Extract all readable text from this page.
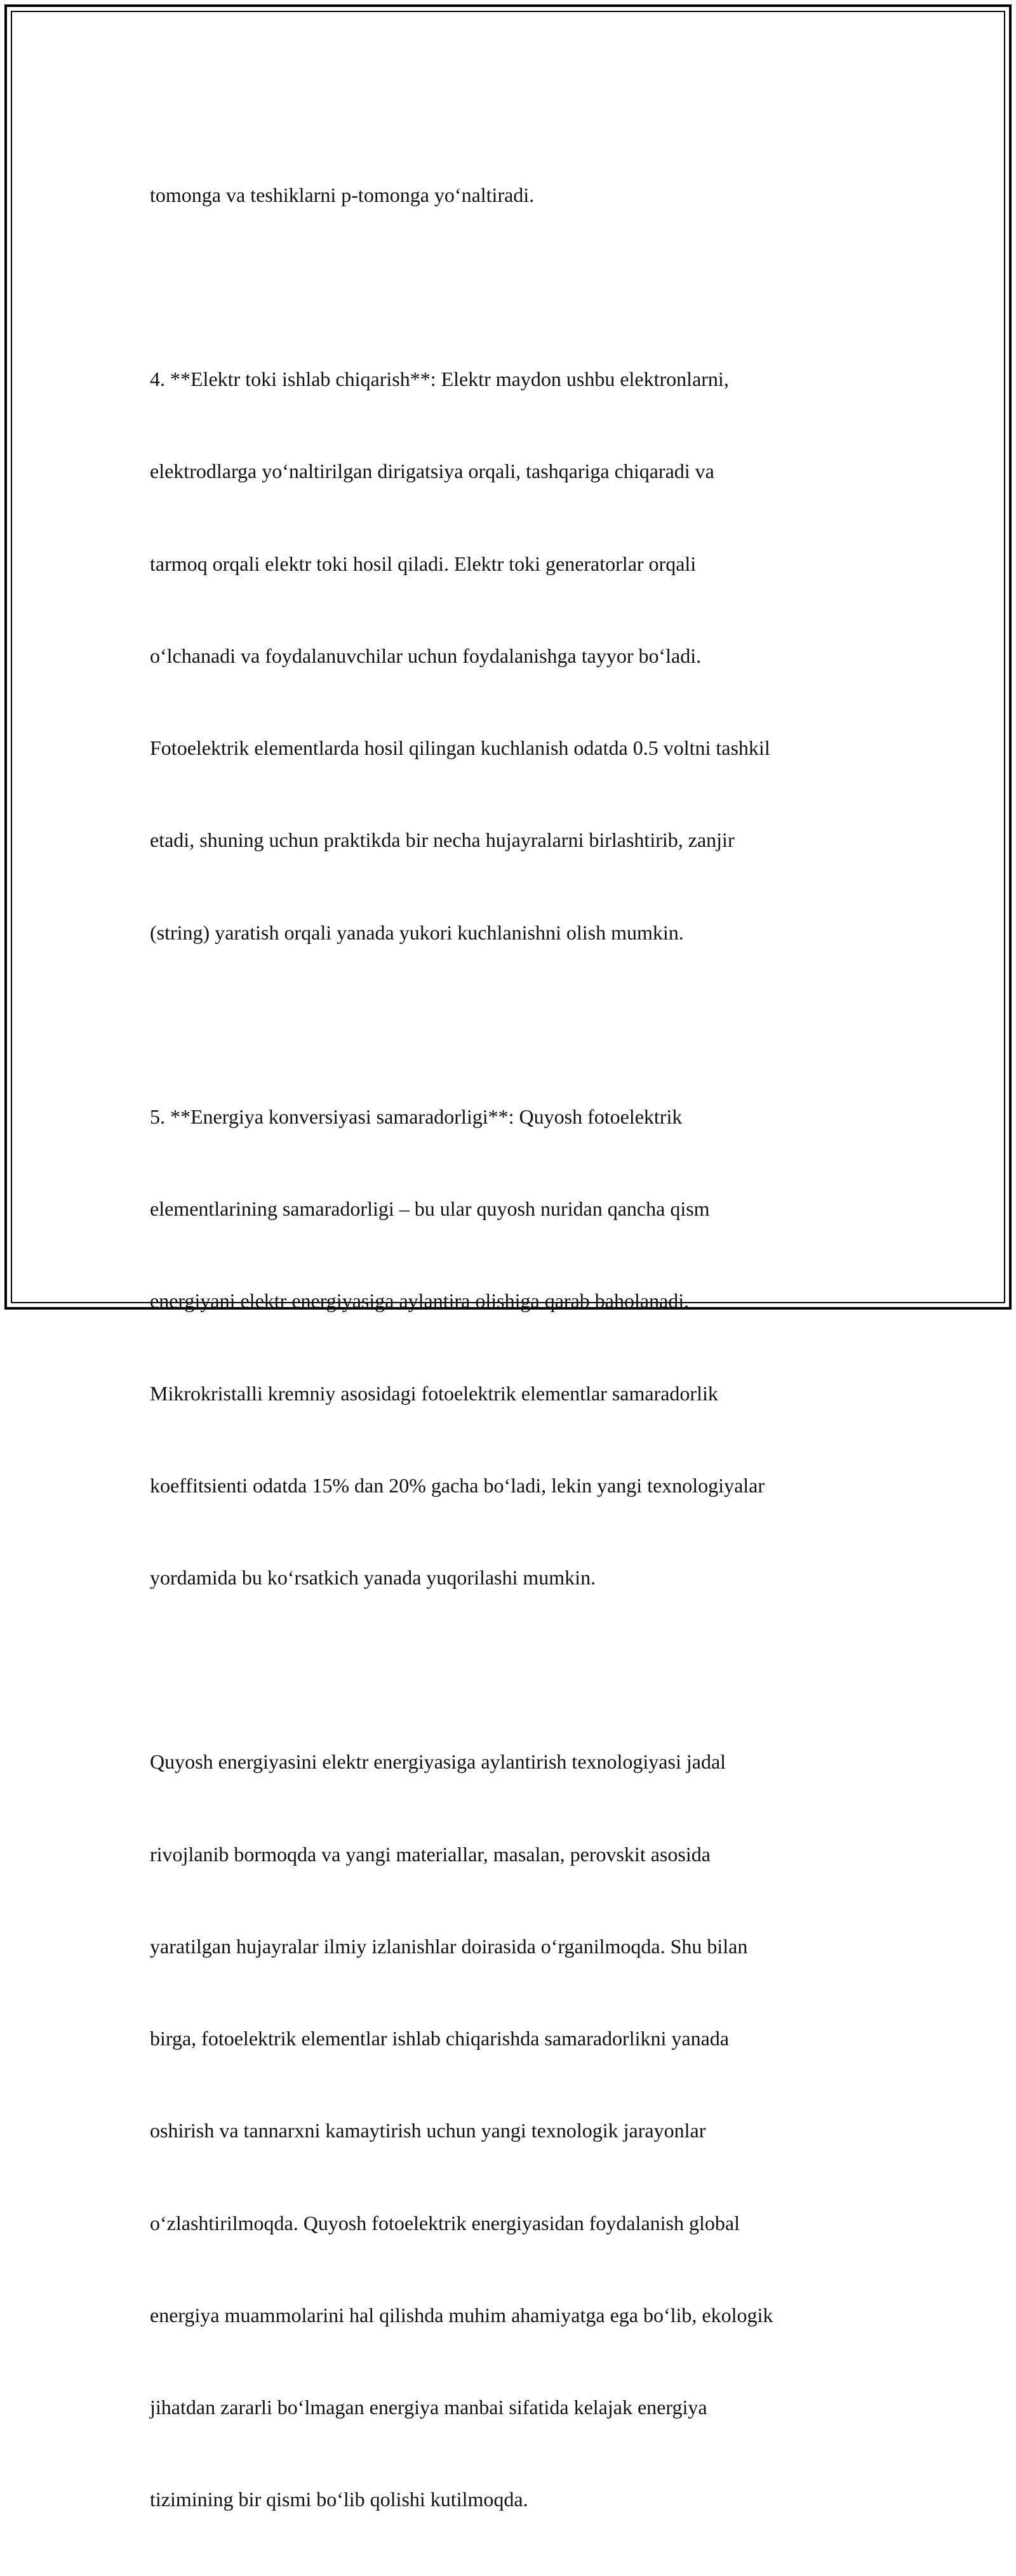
tomonga va teshiklarni p-tomonga yo‘naltiradi.

4. **Elektr toki ishlab chiqarish**: Elektr maydon ushbu elektronlarni,

elektrodlarga yo‘naltirilgan dirigatsiya orqali, tashqariga chiqaradi va

tarmoq orqali elektr toki hosil qiladi. Elektr toki generatorlar orqali

o‘lchanadi va foydalanuvchilar uchun foydalanishga tayyor bo‘ladi.

Fotoelektrik elementlarda hosil qilingan kuchlanish odatda 0.5 voltni tashkil

etadi, shuning uchun praktikda bir necha hujayralarni birlashtirib, zanjir

(string) yaratish orqali yanada yukori kuchlanishni olish mumkin.

5. **Energiya konversiyasi samaradorligi**: Quyosh fotoelektrik

elementlarining samaradorligi – bu ular quyosh nuridan qancha qism

energiyani elektr energiyasiga aylantira olishiga qarab baholanadi.

Mikrokristalli kremniy asosidagi fotoelektrik elementlar samaradorlik

koeffitsienti odatda 15% dan 20% gacha bo‘ladi, lekin yangi texnologiyalar

yordamida bu ko‘rsatkich yanada yuqorilashi mumkin.

Quyosh energiyasini elektr energiyasiga aylantirish texnologiyasi jadal

rivojlanib bormoqda va yangi materiallar, masalan, perovskit asosida

yaratilgan hujayralar ilmiy izlanishlar doirasida o‘rganilmoqda. Shu bilan

birga, fotoelektrik elementlar ishlab chiqarishda samaradorlikni yanada

oshirish va tannarxni kamaytirish uchun yangi texnologik jarayonlar

o‘zlashtirilmoqda. Quyosh fotoelektrik energiyasidan foydalanish global

energiya muammolarini hal qilishda muhim ahamiyatga ega bo‘lib, ekologik

jihatdan zararli bo‘lmagan energiya manbai sifatida kelajak energiya

tizimining bir qismi bo‘lib qolishi kutilmoqda.
